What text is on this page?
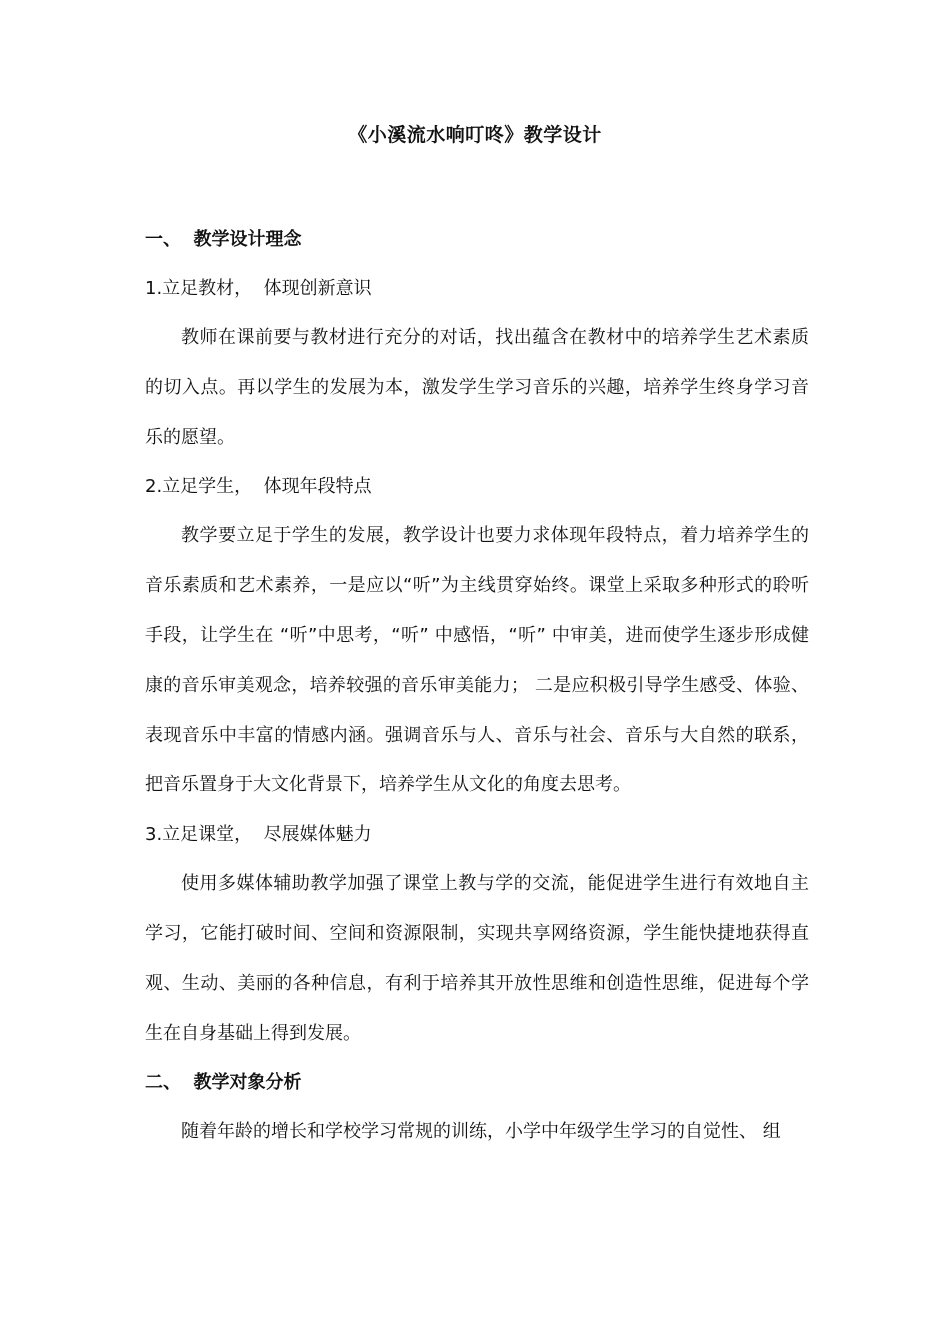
《小溪流水响叮咚》教学设计
一、  教学设计理念
1.立足教材，  体现创新意识

教师在课前要与教材进行充分的对话，找出蕴含在教材中的培养学生艺术素质的切入点。再以学生的发展为本，激发学生学习音乐的兴趣，培养学生终身学习音乐的愿望。

2.立足学生，  体现年段特点

教学要立足于学生的发展，教学设计也要力求体现年段特点，着力培养学生的音乐素质和艺术素养，一是应以“听”为主线贯穿始终。课堂上采取多种形式的聆听手段，让学生在 “听”中思考，“听” 中感悟，“听” 中审美，进而使学生逐步形成健康的音乐审美观念，培养较强的音乐审美能力； 二是应积极引导学生感受、体验、表现音乐中丰富的情感内涵。强调音乐与人、音乐与社会、音乐与大自然的联系，把音乐置身于大文化背景下，培养学生从文化的角度去思考。

3.立足课堂，  尽展媒体魅力

使用多媒体辅助教学加强了课堂上教与学的交流，能促进学生进行有效地自主学习，它能打破时间、空间和资源限制，实现共享网络资源，学生能快捷地获得直观、生动、美丽的各种信息，有利于培养其开放性思维和创造性思维，促进每个学生在自身基础上得到发展。

二、  教学对象分析

随着年龄的增长和学校学习常规的训练，小学中年级学生学习的自觉性、 组
